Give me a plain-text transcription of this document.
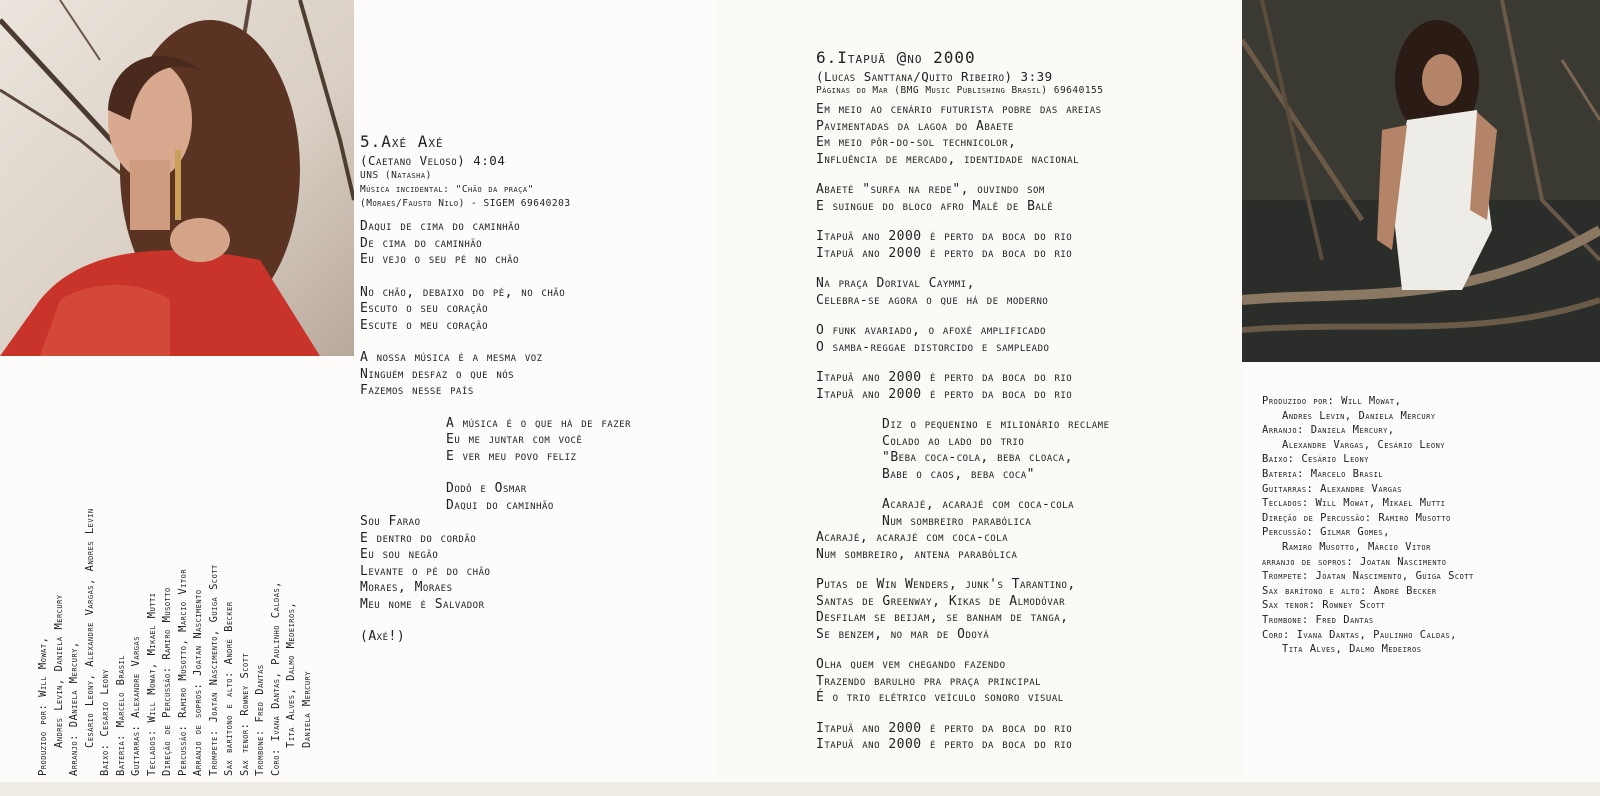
Produzido por: Will Mowat, Andres Levin, Daniela Mercury Arranjo: DAniela Mercury, Cesário Leony, Alexandre Vargas, Andres Levin Baixo: Cesário Leony Bateria: Marcelo Brasil Guitarras: Alexandre Vargas Teclados: Will Mowat, Mikael Mutti Direção de Percussão: Ramiro Musotto Percussão: Ramiro Musotto, Marcio Vitor Arranjo de sopros: Joatan Nascimento Trompete: Joatan Nascimento, Guiga Scott Sax barítono e alto: André Becker Sax tenor: Rowney Scott Trombone: Fred Dantas Coro: Ivana Dantas, Paulinho Caldas, Tita Alves, Dalmo Medeiros, Daniela Mercury
5.Axé Axé
(Caetano Veloso) 4:04
UNS (Natasha)
Música incidental: "Chão da praça"
(Moraes/Fausto Nilo) - SIGEM 69640203
Daqui de cima do caminhão
De cima do caminhão
Eu vejo o seu pé no chão
No chão, debaixo do pé, no chão
Escuto o seu coração
Escute o meu coração
A nossa música é a mesma voz
Ninguém desfaz o que nós
Fazemos nesse país
A música é o que há de fazer
Eu me juntar com você
E ver meu povo feliz
Dodô e Osmar
Daqui do caminhão
Sou Farao
E dentro do cordão
Eu sou negão
Levante o pé do chão
Moraes, Moraes
Meu nome é Salvador
(Axé!)
6.Itapuã @no 2000
(Lucas Santtana/Quito Ribeiro) 3:39
Páginas do Mar (BMG Music Publishing Brasil) 69640155
Em meio ao cenário futurista pobre das areias
Pavimentadas da lagoa do Abaete
Em meio pôr-do-sol technicolor,
Influência de mercado, identidade nacional
Abaeté "surfa na rede", ouvindo som
E suingue do bloco afro Malê de Balê
Itapuã ano 2000 é perto da boca do rio
Itapuã ano 2000 é perto da boca do rio
Na praça Dorival Caymmi,
Celebra-se agora o que há de moderno
O funk avariado, o afoxé amplificado
O samba-reggae distorcido e sampleado
Itapuã ano 2000 é perto da boca do rio
Itapuã ano 2000 é perto da boca do rio
Diz o pequenino e milionário reclame
Colado ao lado do trio
"Beba coca-cola, beba cloaca,
Babe o caos, beba coca"
Acarajé, acarajé com coca-cola
Num sombreiro parabólica
Acarajé, acarajé com coca-cola
Num sombreiro, antena parabólica
Putas de Win Wenders, junk's Tarantino,
Santas de Greenway, Kikas de Almodóvar
Desfilam se beijam, se banham de tanga,
Se benzem, no mar de Odoyá
Olha quem vem chegando fazendo
Trazendo barulho pra praça principal
É o trio elétrico veículo sonoro visual
Itapuã ano 2000 é perto da boca do rio
Itapuã ano 2000 é perto da boca do rio
Produzido por: Will Mowat,
Andres Levin, Daniela Mercury
Arranjo: Daniela Mercury,
Alexandre Vargas, Cesário Leony
Baixo: Cesário Leony
Bateria: Marcelo Brasil
Guitarras: Alexandre Vargas
Teclados: Will Mowat, Mikael Mutti
Direção de Percussão: Ramiro Musotto
Percussão: Gilmar Gomes,
Ramiro Musotto, Márcio Vitor
arranjo de sopros: Joatan Nascimento
Trompete: Joatan Nascimento, Guiga Scott
Sax barítono e alto: André Becker
Sax tenor: Rowney Scott
Trombone: Fred Dantas
Coro: Ivana Dantas, Paulinho Caldas,
Tita Alves, Dalmo Medeiros
